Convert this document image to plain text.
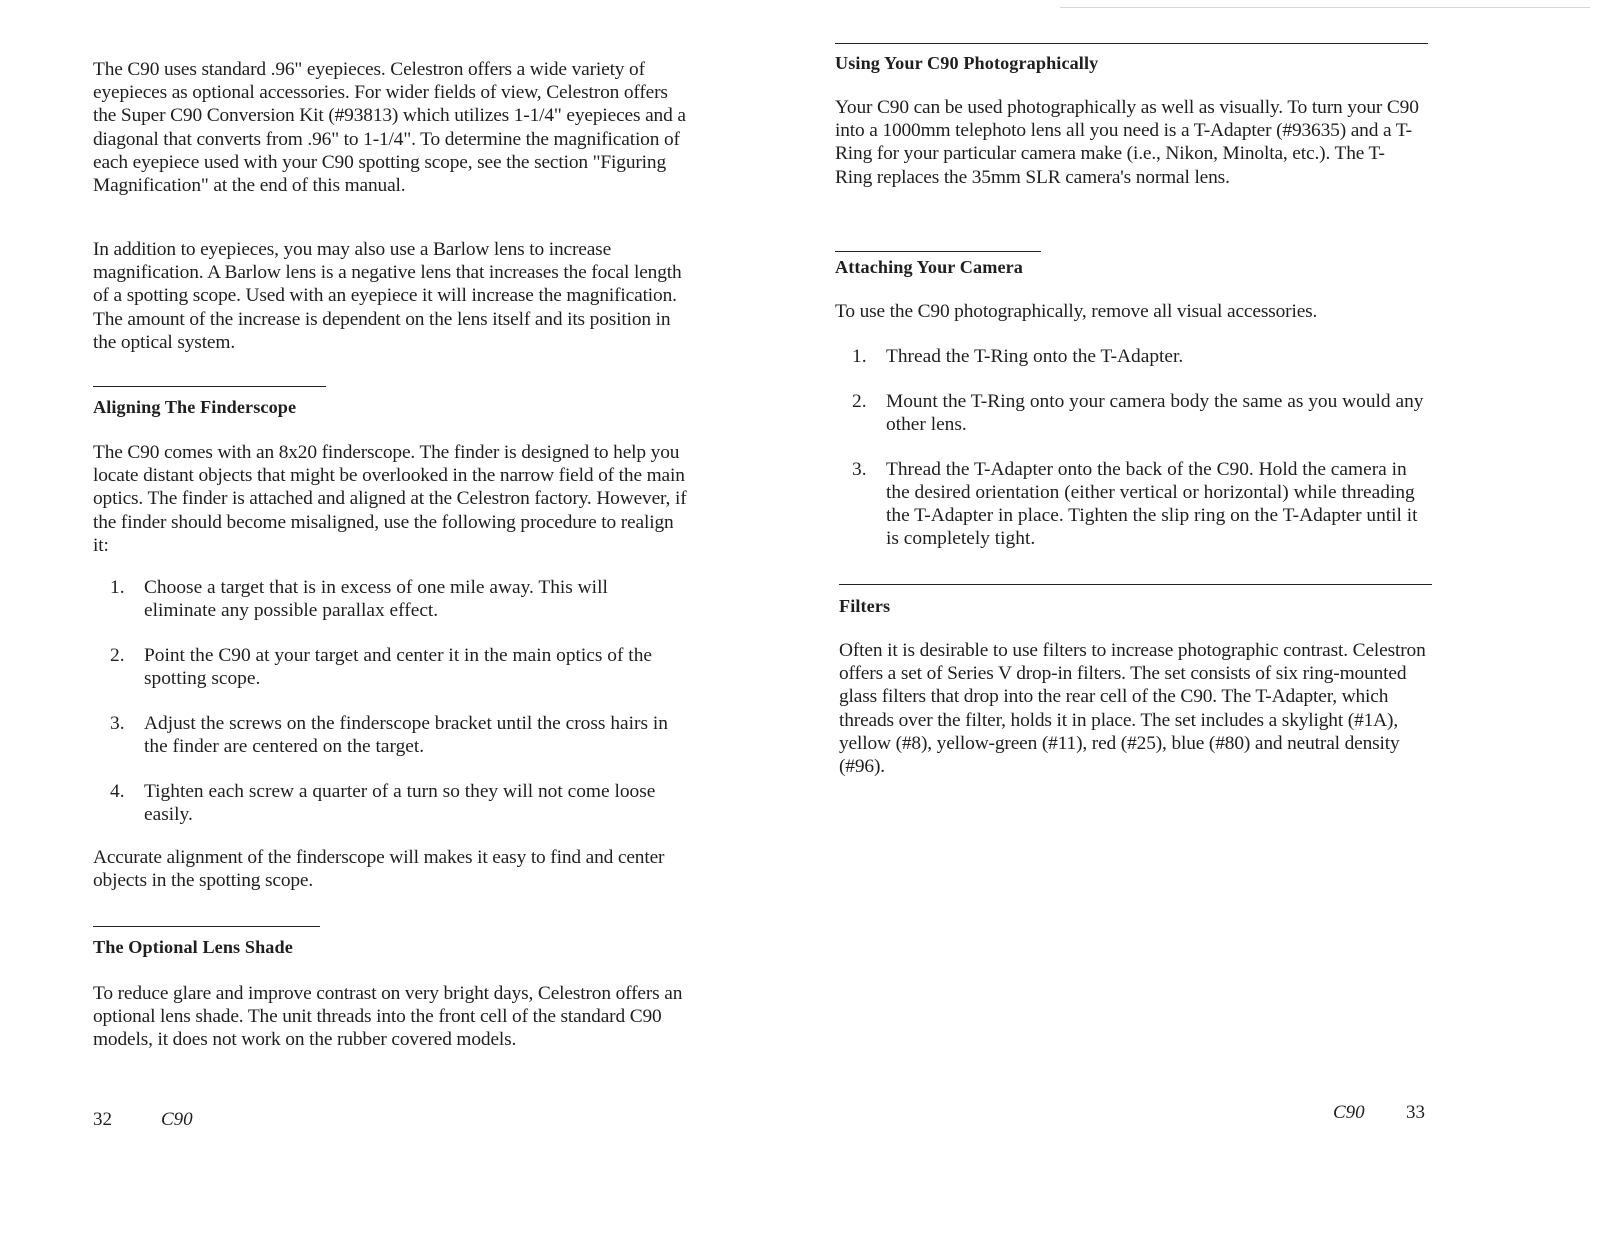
The C90 uses standard .96" eyepieces. Celestron offers a wide variety of eyepieces as optional accessories. For wider fields of view, Celestron offers the Super C90 Conversion Kit (#93813) which utilizes 1-1/4" eyepieces and a diagonal that converts from .96" to 1-1/4". To determine the magnification of each eyepiece used with your C90 spotting scope, see the section "Figuring Magnification" at the end of this manual.

In addition to eyepieces, you may also use a Barlow lens to increase magnification. A Barlow lens is a negative lens that increases the focal length of a spotting scope. Used with an eyepiece it will increase the magnification. The amount of the increase is dependent on the lens itself and its position in the optical system.

Aligning The Finderscope

The C90 comes with an 8x20 finderscope. The finder is designed to help you locate distant objects that might be overlooked in the narrow field of the main optics. The finder is attached and aligned at the Celestron factory. However, if the finder should become misaligned, use the following procedure to realign it:

1. Choose a target that is in excess of one mile away. This will eliminate any possible parallax effect.
2. Point the C90 at your target and center it in the main optics of the spotting scope.
3. Adjust the screws on the finderscope bracket until the cross hairs in the finder are centered on the target.
4. Tighten each screw a quarter of a turn so they will not come loose easily.

Accurate alignment of the finderscope will makes it easy to find and center objects in the spotting scope.

The Optional Lens Shade

To reduce glare and improve contrast on very bright days, Celestron offers an optional lens shade. The unit threads into the front cell of the standard C90 models, it does not work on the rubber covered models.

32	C90
Using Your C90 Photographically

Your C90 can be used photographically as well as visually. To turn your C90 into a 1000mm telephoto lens all you need is a T-Adapter (#93635) and a T-Ring for your particular camera make (i.e., Nikon, Minolta, etc.). The T-Ring replaces the 35mm SLR camera's normal lens.

Attaching Your Camera

To use the C90 photographically, remove all visual accessories.

1. Thread the T-Ring onto the T-Adapter.
2. Mount the T-Ring onto your camera body the same as you would any other lens.
3. Thread the T-Adapter onto the back of the C90. Hold the camera in the desired orientation (either vertical or horizontal) while threading the T-Adapter in place. Tighten the slip ring on the T-Adapter until it is completely tight.
Filters

Often it is desirable to use filters to increase photographic contrast. Celestron offers a set of Series V drop-in filters. The set consists of six ring-mounted glass filters that drop into the rear cell of the C90. The T-Adapter, which threads over the filter, holds it in place. The set includes a skylight (#1A), yellow (#8), yellow-green (#11), red (#25), blue (#80) and neutral density (#96).

C90 33
